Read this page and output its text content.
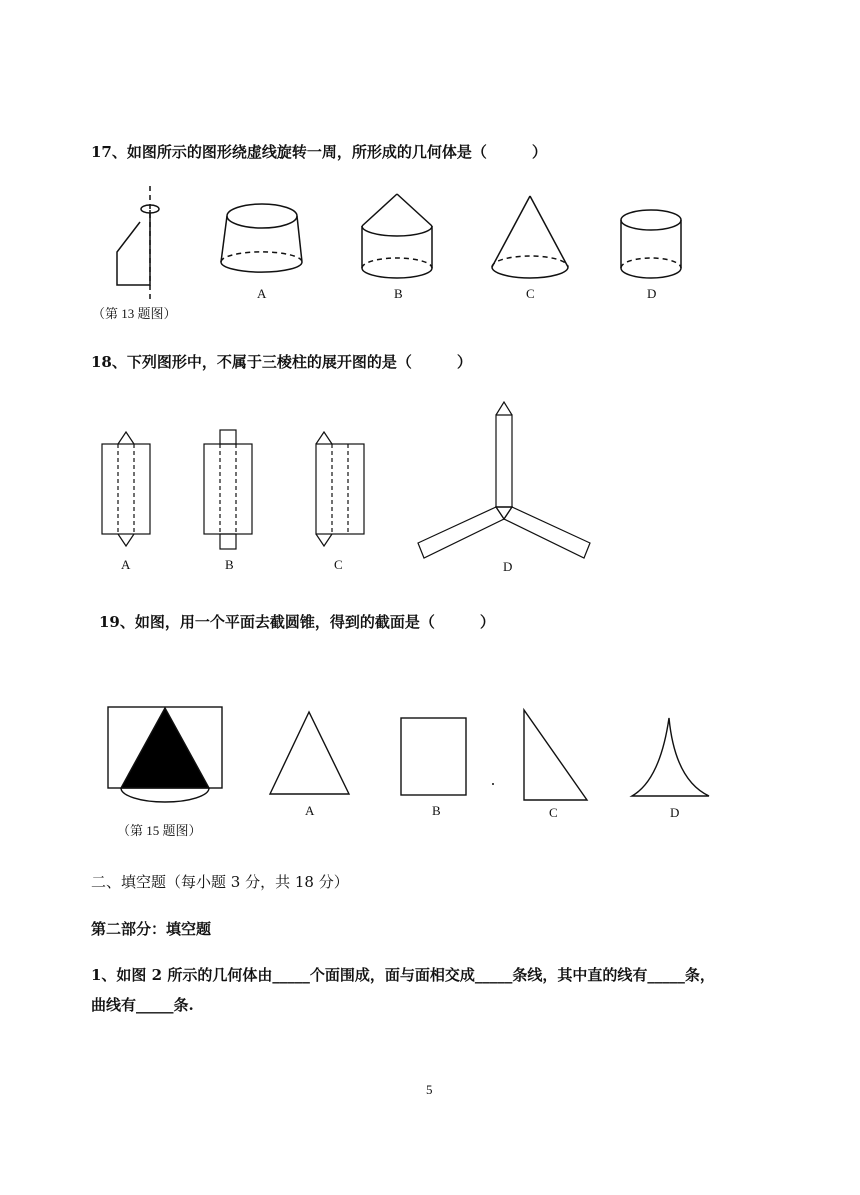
17、如图所示的图形绕虚线旋转一周，所形成的几何体是（　　　）
（第 13 题图）
A	B	C	D
18、下列图形中，不属于三棱柱的展开图的是（　　　）
A	B	C	D
19、如图，用一个平面去截圆锥，得到的截面是（　　　）
（第 15 题图）
A	B	C	D
二、填空题（每小题 3 分，共 18 分）
第二部分：填空题
1、如图 2 所示的几何体由_____个面围成，面与面相交成_____条线，其中直的线有_____条，
曲线有_____条.
5
